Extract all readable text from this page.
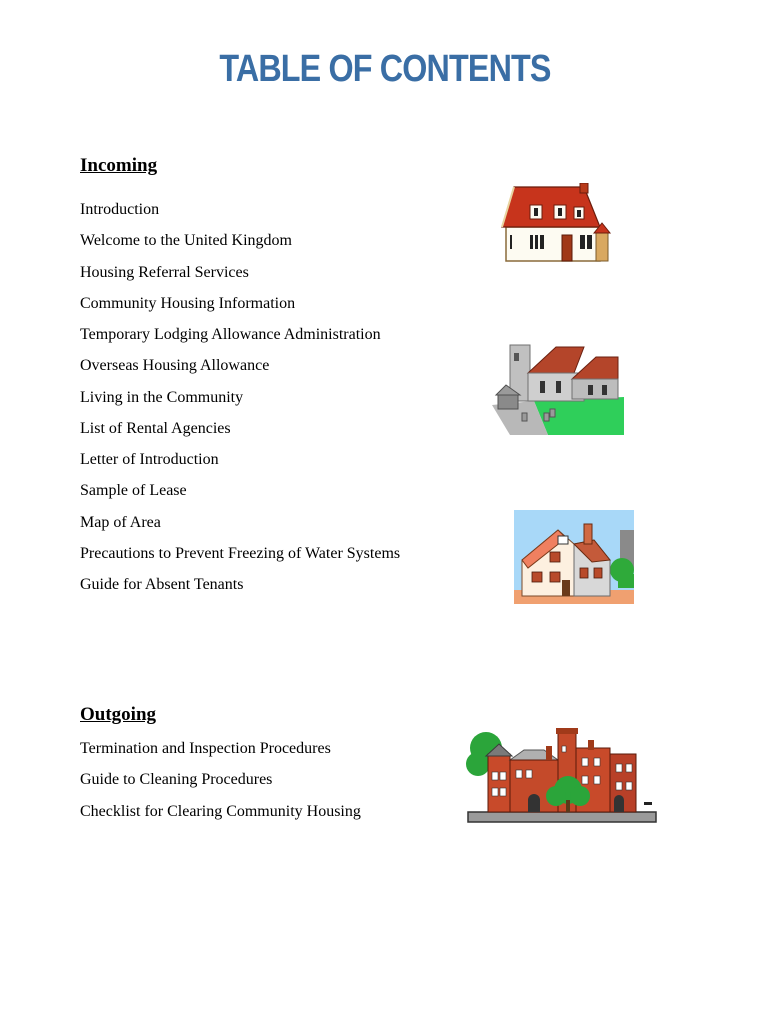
TABLE OF CONTENTS
Incoming
Introduction
Welcome to the United Kingdom
Housing Referral Services
Community Housing Information
Temporary Lodging Allowance Administration
Overseas Housing Allowance
Living in the Community
List of Rental Agencies
Letter of Introduction
Sample of Lease
Map of Area
Precautions to Prevent Freezing of Water Systems
Guide for Absent Tenants
Outgoing
Termination and Inspection Procedures
Guide to Cleaning Procedures
Checklist for Clearing Community Housing
